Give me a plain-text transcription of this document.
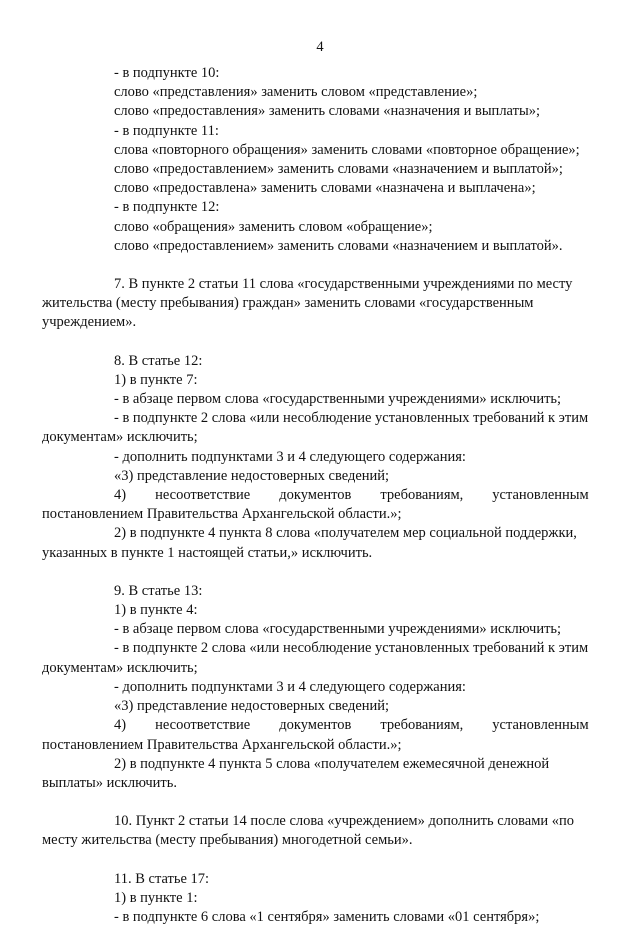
4
- в подпункте 10:
слово «представления» заменить словом «представление»;
слово «предоставления» заменить словами «назначения и выплаты»;
- в подпункте 11:
слова «повторного обращения» заменить словами «повторное обращение»;
слово «предоставлением» заменить словами «назначением и выплатой»;
слово «предоставлена» заменить словами «назначена и выплачена»;
- в подпункте 12:
слово «обращения» заменить словом «обращение»;
слово «предоставлением» заменить словами «назначением и выплатой».
7. В пункте 2 статьи 11 слова «государственными учреждениями по месту
жительства (месту пребывания) граждан» заменить словами «государственным
учреждением».
8. В статье 12:
1) в пункте 7:
- в абзаце первом слова «государственными учреждениями» исключить;
- в подпункте 2 слова «или несоблюдение установленных требований к этим
документам» исключить;
- дополнить подпунктами 3 и 4 следующего содержания:
«3) представление недостоверных сведений;
4)        несоответствие        документов        требованиям,        установленным
постановлением Правительства Архангельской области.»;
2) в подпункте 4 пункта 8 слова «получателем мер социальной поддержки,
указанных в пункте 1 настоящей статьи,» исключить.
9. В статье 13:
1) в пункте 4:
- в абзаце первом слова «государственными учреждениями» исключить;
- в подпункте 2 слова «или несоблюдение установленных требований к этим
документам» исключить;
- дополнить подпунктами 3 и 4 следующего содержания:
«3) представление недостоверных сведений;
4)        несоответствие        документов        требованиям,        установленным
постановлением Правительства Архангельской области.»;
2) в подпункте 4 пункта 5 слова «получателем ежемесячной денежной
выплаты» исключить.
10. Пункт 2 статьи 14 после слова «учреждением» дополнить словами «по
месту жительства (месту пребывания) многодетной семьи».
11. В статье 17:
1) в пункте 1:
- в подпункте 6 слова «1 сентября» заменить словами «01 сентября»;
